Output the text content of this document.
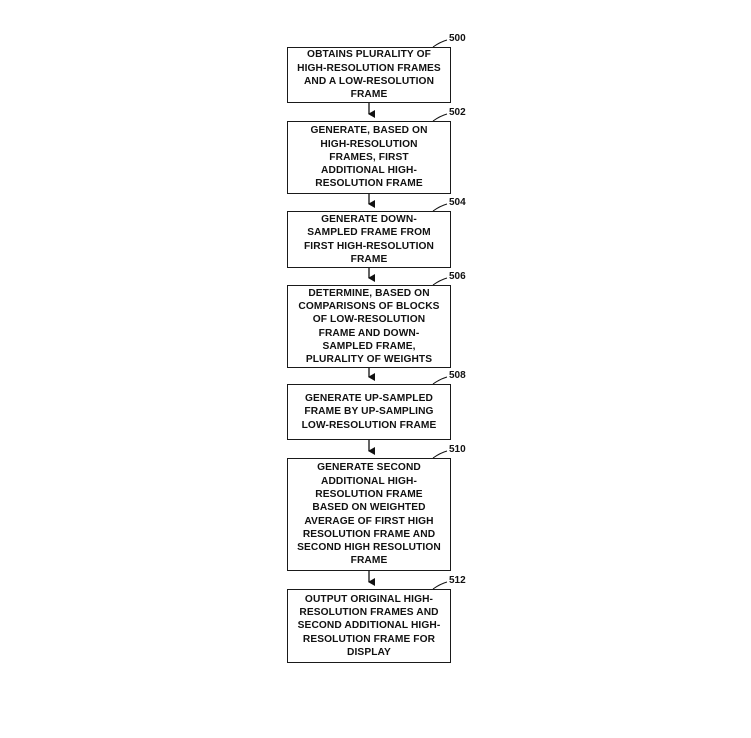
OBTAINS PLURALITY OF
HIGH-RESOLUTION FRAMES
AND A LOW-RESOLUTION
FRAME
500
GENERATE, BASED ON
HIGH-RESOLUTION
FRAMES, FIRST
ADDITIONAL HIGH-
RESOLUTION FRAME
502
GENERATE DOWN-
SAMPLED FRAME FROM
FIRST HIGH-RESOLUTION
FRAME
504
DETERMINE, BASED ON
COMPARISONS OF BLOCKS
OF LOW-RESOLUTION
FRAME AND DOWN-
SAMPLED FRAME,
PLURALITY OF WEIGHTS
506
GENERATE UP-SAMPLED
FRAME BY UP-SAMPLING
LOW-RESOLUTION FRAME
508
GENERATE SECOND
ADDITIONAL HIGH-
RESOLUTION FRAME
BASED ON WEIGHTED
AVERAGE OF FIRST HIGH
RESOLUTION FRAME AND
SECOND HIGH RESOLUTION
FRAME
510
OUTPUT ORIGINAL HIGH-
RESOLUTION FRAMES AND
SECOND ADDITIONAL HIGH-
RESOLUTION FRAME FOR
DISPLAY
512
